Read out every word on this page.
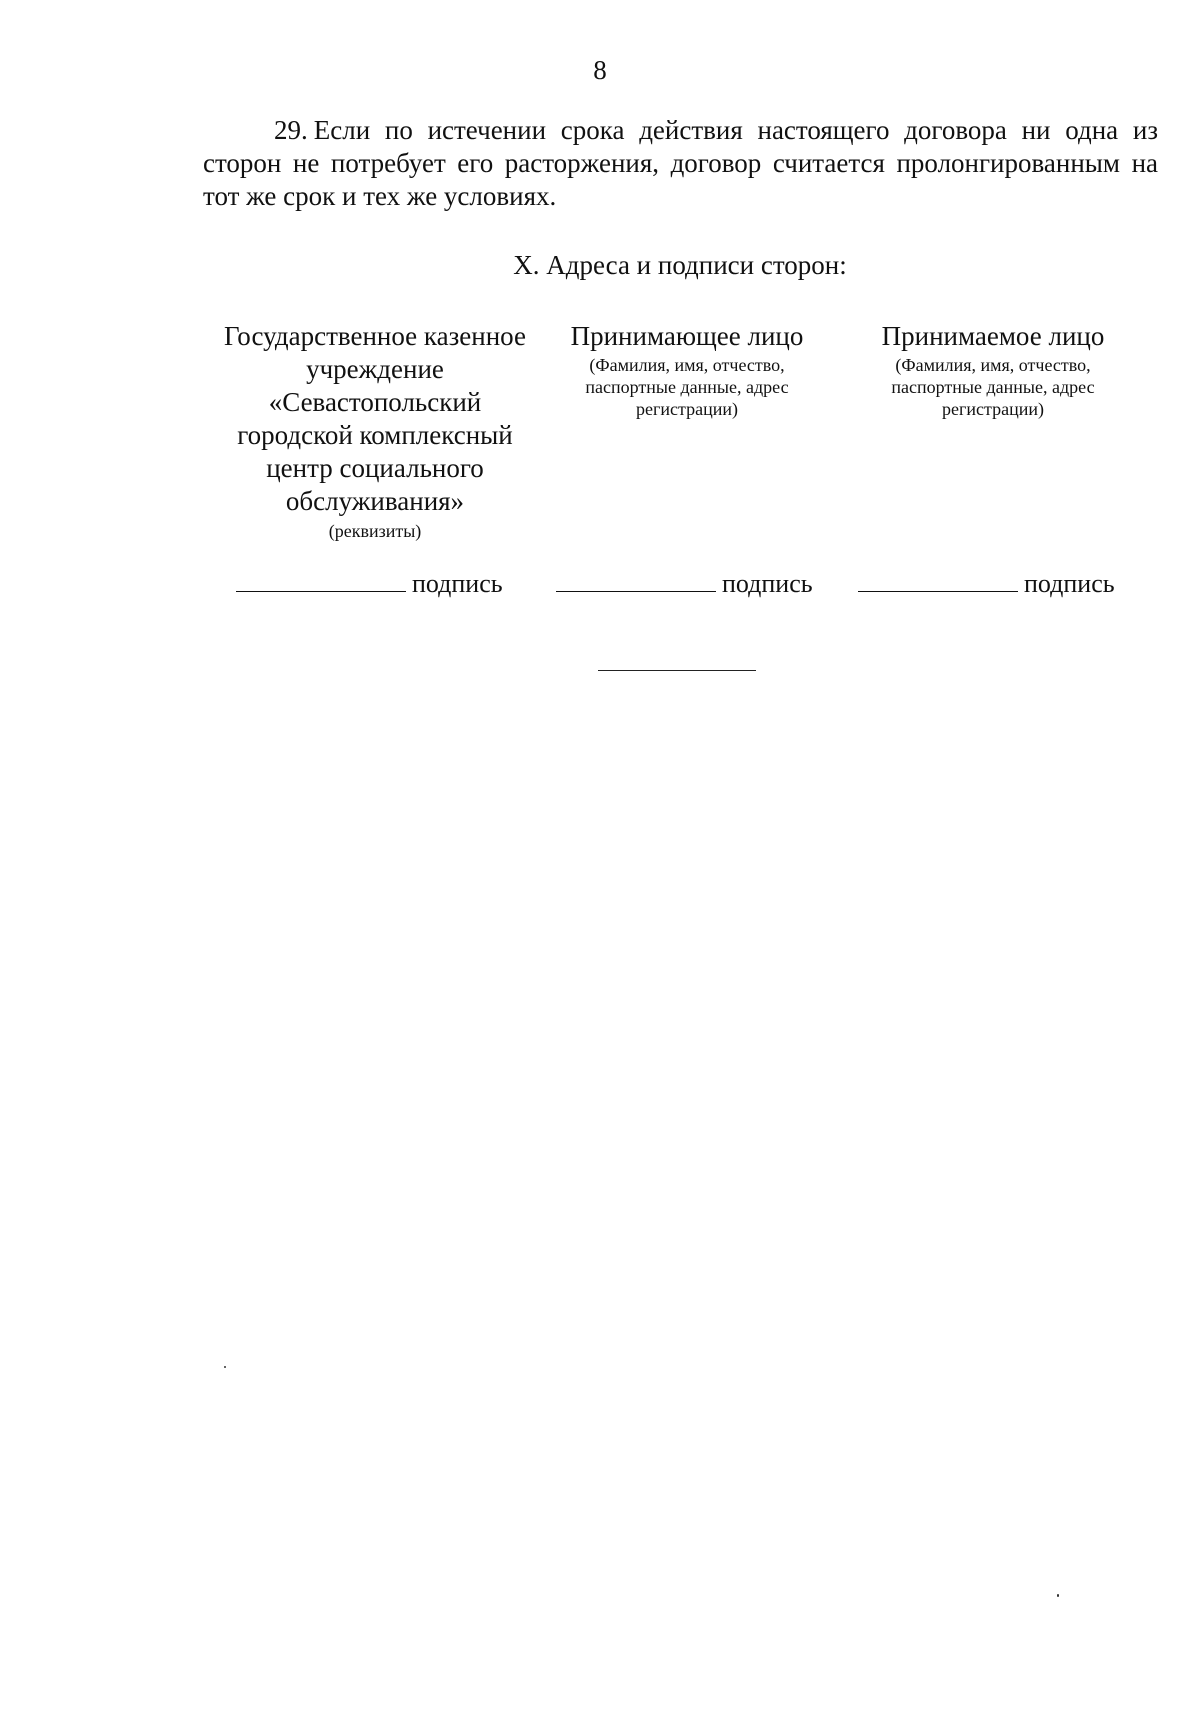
8

29. Если по истечении срока действия настоящего договора ни одна из сторон не потребует его расторжения, договор считается пролонгированным на тот же срок и тех же условиях.

X. Адреса и подписи сторон:
Государственное казенное учреждение «Севастопольский городской комплексный центр социального обслуживания»
(реквизиты)
Принимающее лицо
(Фамилия, имя, отчество, паспортные данные, адрес регистрации)
Принимаемое лицо
(Фамилия, имя, отчество, паспортные данные, адрес регистрации)
подпись	подпись	подпись
